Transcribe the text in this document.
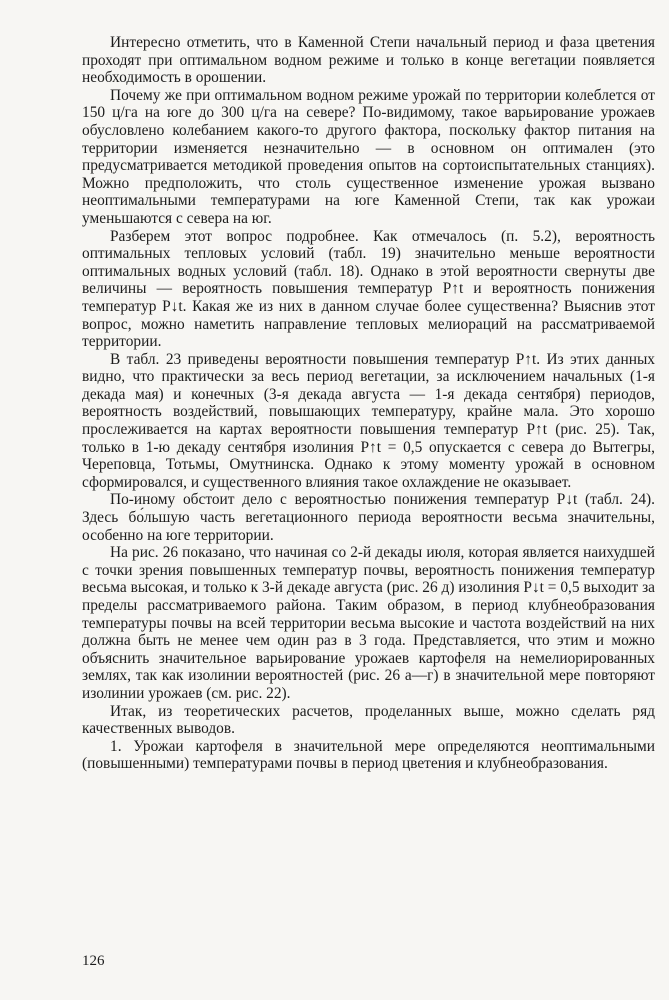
Интересно отметить, что в Каменной Степи начальный период и фаза цветения проходят при оптимальном водном режиме и только в конце вегетации появляется необходимость в орошении.

Почему же при оптимальном водном режиме урожай по территории колеблется от 150 ц/га на юге до 300 ц/га на севере? По-видимому, такое варьирование урожаев обусловлено колебанием какого-то другого фактора, поскольку фактор питания на территории изменяется незначительно — в основном он оптимален (это предусматривается методикой проведения опытов на сортоиспытательных станциях). Можно предположить, что столь существенное изменение урожая вызвано неоптимальными температурами на юге Каменной Степи, так как урожаи уменьшаются с севера на юг.

Разберем этот вопрос подробнее. Как отмечалось (п. 5.2), вероятность оптимальных тепловых условий (табл. 19) значительно меньше вероятности оптимальных водных условий (табл. 18). Однако в этой вероятности свернуты две величины — вероятность повышения температур P↑t и вероятность понижения температур P↓t. Какая же из них в данном случае более существенна? Выяснив этот вопрос, можно наметить направление тепловых мелиораций на рассматриваемой территории.

В табл. 23 приведены вероятности повышения температур P↑t. Из этих данных видно, что практически за весь период вегетации, за исключением начальных (1-я декада мая) и конечных (3-я декада августа — 1-я декада сентября) периодов, вероятность воздействий, повышающих температуру, крайне мала. Это хорошо прослеживается на картах вероятности повышения температур P↑t (рис. 25). Так, только в 1-ю декаду сентября изолиния P↑t = 0,5 опускается с севера до Вытегры, Череповца, Тотьмы, Омутнинска. Однако к этому моменту урожай в основном сформировался, и существенного влияния такое охлаждение не оказывает.

По-иному обстоит дело с вероятностью понижения температур P↓t (табл. 24). Здесь бо́льшую часть вегетационного периода вероятности весьма значительны, особенно на юге территории.

На рис. 26 показано, что начиная со 2-й декады июля, которая является наихудшей с точки зрения повышенных температур почвы, вероятность понижения температур весьма высокая, и только к 3-й декаде августа (рис. 26 д) изолиния P↓t = 0,5 выходит за пределы рассматриваемого района. Таким образом, в период клубнеобразования температуры почвы на всей территории весьма высокие и частота воздействий на них должна быть не менее чем один раз в 3 года. Представляется, что этим и можно объяснить значительное варьирование урожаев картофеля на немелиорированных землях, так как изолинии вероятностей (рис. 26 а—г) в значительной мере повторяют изолинии урожаев (см. рис. 22).

Итак, из теоретических расчетов, проделанных выше, можно сделать ряд качественных выводов.

1. Урожаи картофеля в значительной мере определяются неоптимальными (повышенными) температурами почвы в период цветения и клубнеобразования.

126
